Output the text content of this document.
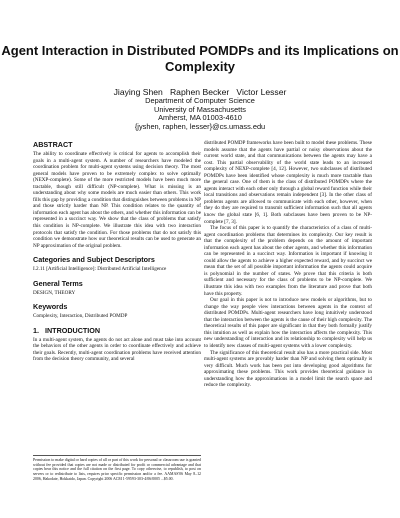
Agent Interaction in Distributed POMDPs and its Implications on Complexity
Jiaying Shen   Raphen Becker   Victor Lesser
Department of Computer Science
University of Massachusetts
Amherst, MA 01003-4610
{jyshen, raphen, lesser}@cs.umass.edu
ABSTRACT

The ability to coordinate effectively is critical for agents to accomplish their goals in a multi-agent system. A number of researchers have modeled the coordination problem for multi-agent systems using decision theory. The most general models have proven to be extremely complex to solve optimally (NEXP-complete). Some of the more restricted models have been much more tractable, though still difficult (NP-complete). What is missing is an understanding about why some models are much easier than others. This work fills this gap by providing a condition that distinguishes between problems in NP and those strictly harder than NP. This condition relates to the quantity of information each agent has about the others, and whether this information can be represented in a succinct way. We show that the class of problems that satisfy this condition is NP-complete. We illustrate this idea with two interaction protocols that satisfy the condition. For those problems that do not satisfy this condition we demonstrate how our theoretical results can be used to generate an NP approximation of the original problem.

Categories and Subject Descriptors

I.2.11 [Artificial Intelligence]: Distributed Artificial Intelligence

General Terms

DESIGN, THEORY

Keywords

Complexity, Interaction, Distributed POMDP

1.   INTRODUCTION

In a multi-agent system, the agents do not act alone and must take into account the behaviors of the other agents in order to coordinate effectively and achieve their goals. Recently, multi-agent coordination problems have received attention from the decision theory community, and several

Permission to make digital or hard copies of all or part of this work for personal or classroom use is granted without fee provided that copies are not made or distributed for profit or commercial advantage and that copies bear this notice and the full citation on the first page. To copy otherwise, to republish, to post on servers or to redistribute to lists, requires prior specific permission and/or a fee. AAMAS'06 May 8–12 2006, Hakodate, Hokkaido, Japan. Copyright 2006 ACM 1-59593-303-4/06/0005 ...$5.00.

distributed POMDP frameworks have been built to model these problems. These models assume that the agents have partial or noisy observations about the current world state, and that communications between the agents may have a cost. This partial observability of the world state leads to an increased complexity of NEXP-complete [4, 12]. However, two subclasses of distributed POMDPs have been identified whose complexity is much more tractable than the general case. One of them is the class of distributed POMDPs where the agents interact with each other only through a global reward function while their local transitions and observations remain independent [3]. In the other class of problems agents are allowed to communicate with each other, however, when they do they are required to transmit sufficient information such that all agents know the global state [6, 1]. Both subclasses have been proven to be NP-complete [7, 3].

The focus of this paper is to quantify the characteristics of a class of multi-agent coordination problems that determines its complexity. Our key result is that the complexity of the problem depends on the amount of important information each agent has about the other agents, and whether this information can be represented in a succinct way. Information is important if knowing it could allow the agents to achieve a higher expected reward, and by succinct we mean that the set of all possible important information the agents could acquire is polynomial in the number of states. We prove that this criteria is both sufficient and necessary for the class of problems to be NP-complete. We illustrate this idea with two examples from the literature and prove that both have this property.

Our goal in this paper is not to introduce new models or algorithms, but to change the way people view interactions between agents in the context of distributed POMDPs. Multi-agent researchers have long intuitively understood that the interaction between the agents is the cause of their high complexity. The theoretical results of this paper are significant in that they both formally justify this intuition as well as explain how the interaction affects the complexity. This new understanding of interaction and its relationship to complexity will help us to identify new classes of multi-agent systems with a lower complexity.

The significance of this theoretical result also has a more practical side. Most multi-agent systems are provably harder than NP and solving them optimally is very difficult. Much work has been put into developing good algorithms for approximating these problems. This work provides theoretical guidance in understanding how the approximations in a model limit the search space and reduce the complexity.
